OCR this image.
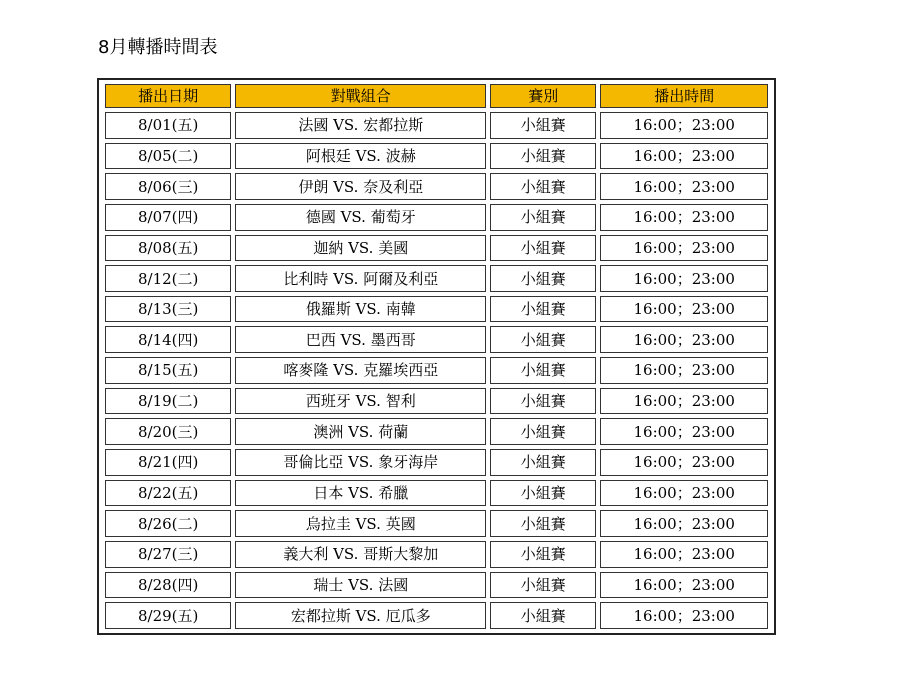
8月轉播時間表
播出日期	對戰組合	賽別	播出時間
8/01(五)	法國 VS. 宏都拉斯	小組賽	16:00；23:00
8/05(二)	阿根廷 VS. 波赫	小組賽	16:00；23:00
8/06(三)	伊朗 VS. 奈及利亞	小組賽	16:00；23:00
8/07(四)	德國 VS. 葡萄牙	小組賽	16:00；23:00
8/08(五)	迦納 VS. 美國	小組賽	16:00；23:00
8/12(二)	比利時 VS. 阿爾及利亞	小組賽	16:00；23:00
8/13(三)	俄羅斯 VS. 南韓	小組賽	16:00；23:00
8/14(四)	巴西 VS. 墨西哥	小組賽	16:00；23:00
8/15(五)	喀麥隆 VS. 克羅埃西亞	小組賽	16:00；23:00
8/19(二)	西班牙 VS. 智利	小組賽	16:00；23:00
8/20(三)	澳洲 VS. 荷蘭	小組賽	16:00；23:00
8/21(四)	哥倫比亞 VS. 象牙海岸	小組賽	16:00；23:00
8/22(五)	日本 VS. 希臘	小組賽	16:00；23:00
8/26(二)	烏拉圭 VS. 英國	小組賽	16:00；23:00
8/27(三)	義大利 VS. 哥斯大黎加	小組賽	16:00；23:00
8/28(四)	瑞士 VS. 法國	小組賽	16:00；23:00
8/29(五)	宏都拉斯 VS. 厄瓜多	小組賽	16:00；23:00
